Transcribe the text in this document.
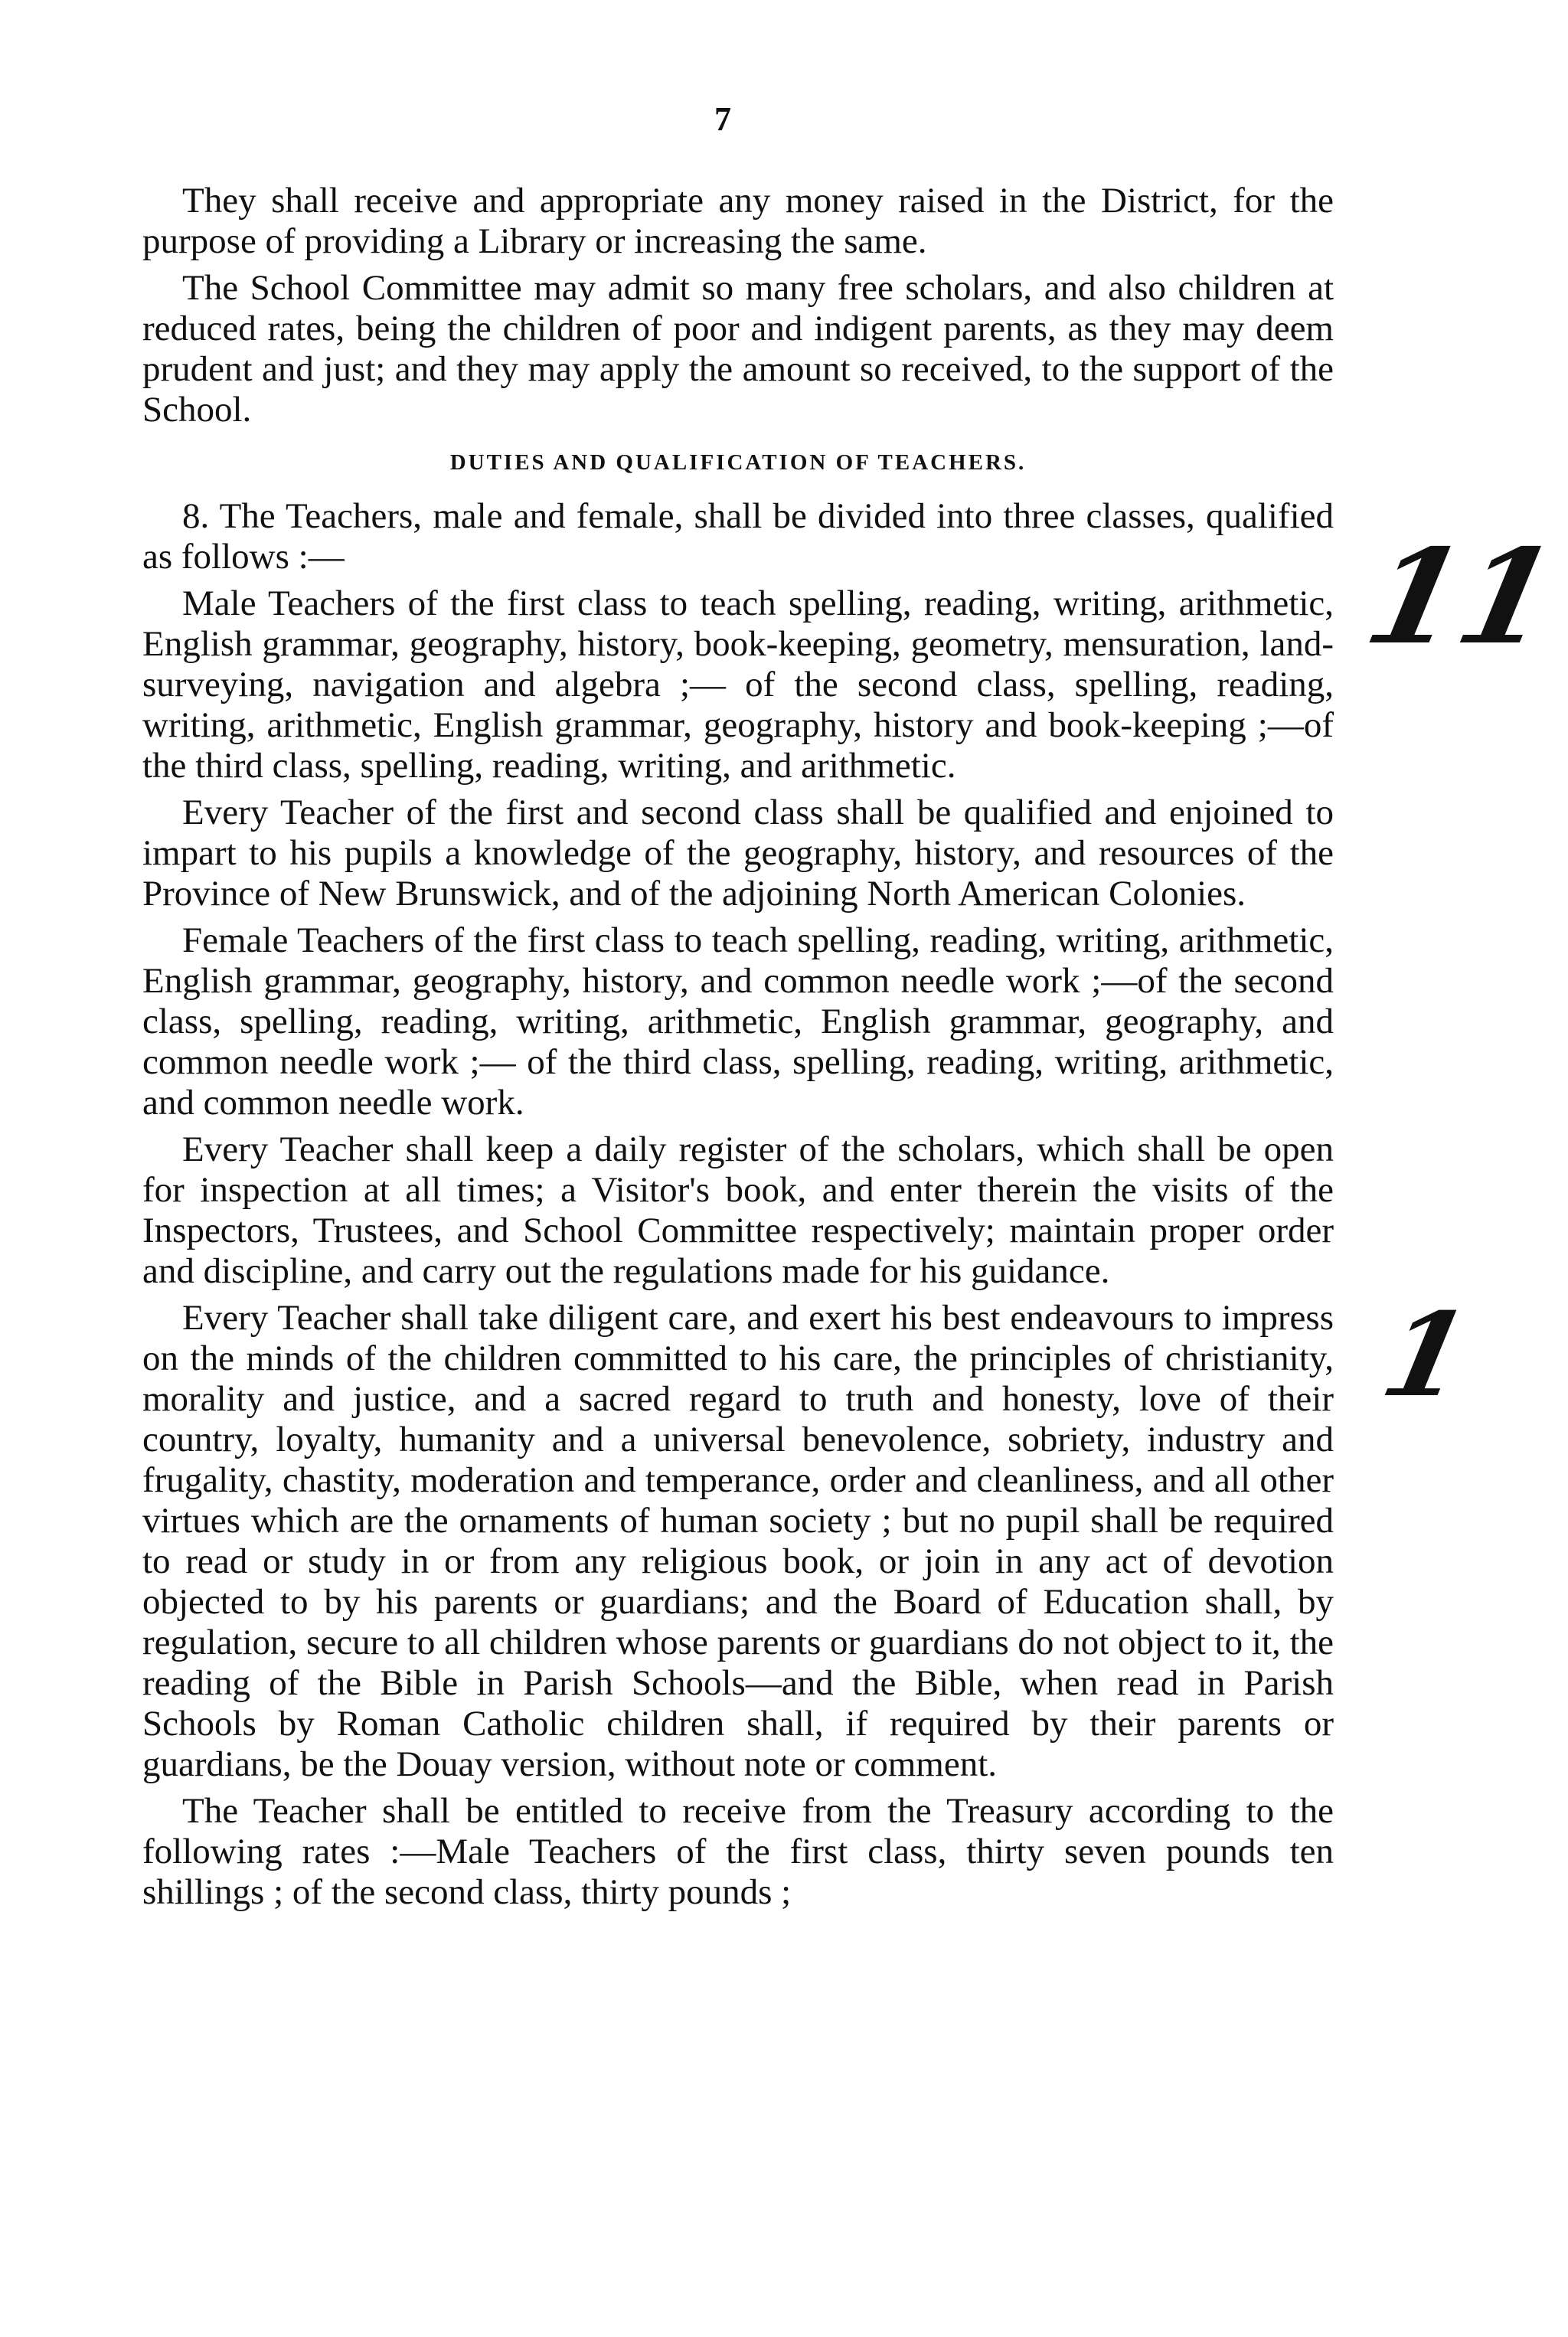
7

They shall receive and appropriate any money raised in the District, for the purpose of providing a Library or increasing the same.

The School Committee may admit so many free scholars, and also children at reduced rates, being the children of poor and indigent parents, as they may deem prudent and just; and they may apply the amount so received, to the support of the School.

DUTIES AND QUALIFICATION OF TEACHERS.

8. The Teachers, male and female, shall be divided into three classes, qualified as follows :—

Male Teachers of the first class to teach spelling, reading, writing, arithmetic, English grammar, geography, history, book-keeping, geometry, mensuration, land-surveying, navigation and algebra ;— of the second class, spelling, reading, writing, arithmetic, English grammar, geography, history and book-keeping ;—of the third class, spelling, reading, writing, and arithmetic.

Every Teacher of the first and second class shall be qualified and enjoined to impart to his pupils a knowledge of the geography, history, and resources of the Province of New Brunswick, and of the adjoining North American Colonies.

Female Teachers of the first class to teach spelling, reading, writing, arithmetic, English grammar, geography, history, and common needle work ;—of the second class, spelling, reading, writing, arithmetic, English grammar, geography, and common needle work ;— of the third class, spelling, reading, writing, arithmetic, and common needle work.

Every Teacher shall keep a daily register of the scholars, which shall be open for inspection at all times; a Visitor's book, and enter therein the visits of the Inspectors, Trustees, and School Committee respectively; maintain proper order and discipline, and carry out the regulations made for his guidance.

Every Teacher shall take diligent care, and exert his best endeavours to impress on the minds of the children committed to his care, the principles of christianity, morality and justice, and a sacred regard to truth and honesty, love of their country, loyalty, humanity and a universal benevolence, sobriety, industry and frugality, chastity, moderation and temperance, order and cleanliness, and all other virtues which are the ornaments of human society ; but no pupil shall be required to read or study in or from any religious book, or join in any act of devotion objected to by his parents or guardians; and the Board of Education shall, by regulation, secure to all children whose parents or guardians do not object to it, the reading of the Bible in Parish Schools—and the Bible, when read in Parish Schools by Roman Catholic children shall, if required by their parents or guardians, be the Douay version, without note or comment.

The Teacher shall be entitled to receive from the Treasury according to the following rates :—Male Teachers of the first class, thirty seven pounds ten shillings ; of the second class, thirty pounds ;

11
1
